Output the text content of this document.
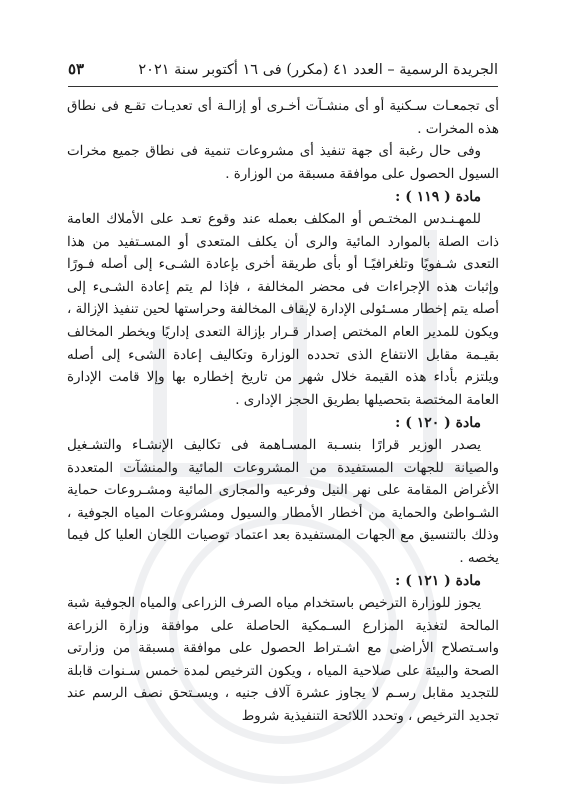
الجريدة الرسمية – العدد ٤١ (مكرر) فى ١٦ أكتوبر سنة ٢٠٢١
٥٣

أى تجمعـات سـكنية أو أى منشـآت أخـرى أو إزالـة أى تعديـات تقـع فى نطاق هذه المخرات .

وفى حال رغبة أى جهة تنفيذ أى مشروعات تنمية فى نطاق جميع مخرات السيول الحصول على موافقة مسبقة من الوزارة .

مادة ( ١١٩ ) :

للمهـنـدس المختـص أو المكلف بعمله عند وقوع تعـد على الأملاك العامة ذات الصلة بالموارد المائية والرى أن يكلف المتعدى أو المسـتفيد من هذا التعدى شـفويًا وتلغرافيًـا أو بأى طريقة أخرى بإعادة الشـىء إلى أصله فـورًا وإثبات هذه الإجراءات فى محضر المخالفة ، فإذا لم يتم إعادة الشـىء إلى أصله يتم إخطار مسـئولى الإدارة لإيقاف المخالفة وحراستها لحين تنفيذ الإزالة ، ويكون للمدير العام المختص إصدار قـرار بإزالة التعدى إداريًا ويخطر المخالف بقيـمة مقابل الانتفاع الذى تحدده الوزارة وتكاليف إعادة الشىء إلى أصله ويلتزم بأداء هذه القيمة خلال شهر من تاريخ إخطاره بها وإلا قامت الإدارة العامة المختصة بتحصيلها بطريق الحجز الإدارى .

مادة ( ١٢٠ ) :

يصدر الوزير قرارًا بنسـبة المسـاهمة فى تكاليف الإنشـاء والتشـغيل والصيانة للجهات المستفيدة من المشروعات المائية والمنشآت المتعددة الأغراض المقامة على نهر النيل وفرعيه والمجارى المائية ومشـروعات حماية الشـواطئ والحماية من أخطار الأمطار والسيول ومشروعات المياه الجوفية ، وذلك بالتنسيق مع الجهات المستفيدة بعد اعتماد توصيات اللجان العليا كل فيما يخصه .

مادة ( ١٢١ ) :

يجوز للوزارة الترخيص باستخدام مياه الصرف الزراعى والمياه الجوفية شبة المالحة لتغذية المزارع السـمكية الحاصلة على موافقة وزارة الزراعة واسـتصلاح الأراضى مع اشـتراط الحصول على موافقة مسبقة من وزارتى الصحة والبيئة على صلاحية المياه ، ويكون الترخيص لمدة خمس سـنوات قابلة للتجديد مقابل رسـم لا يجاوز عشرة آلاف جنيه ، ويسـتحق نصف الرسم عند تجديد الترخيص ، وتحدد اللائحة التنفيذية شروط
